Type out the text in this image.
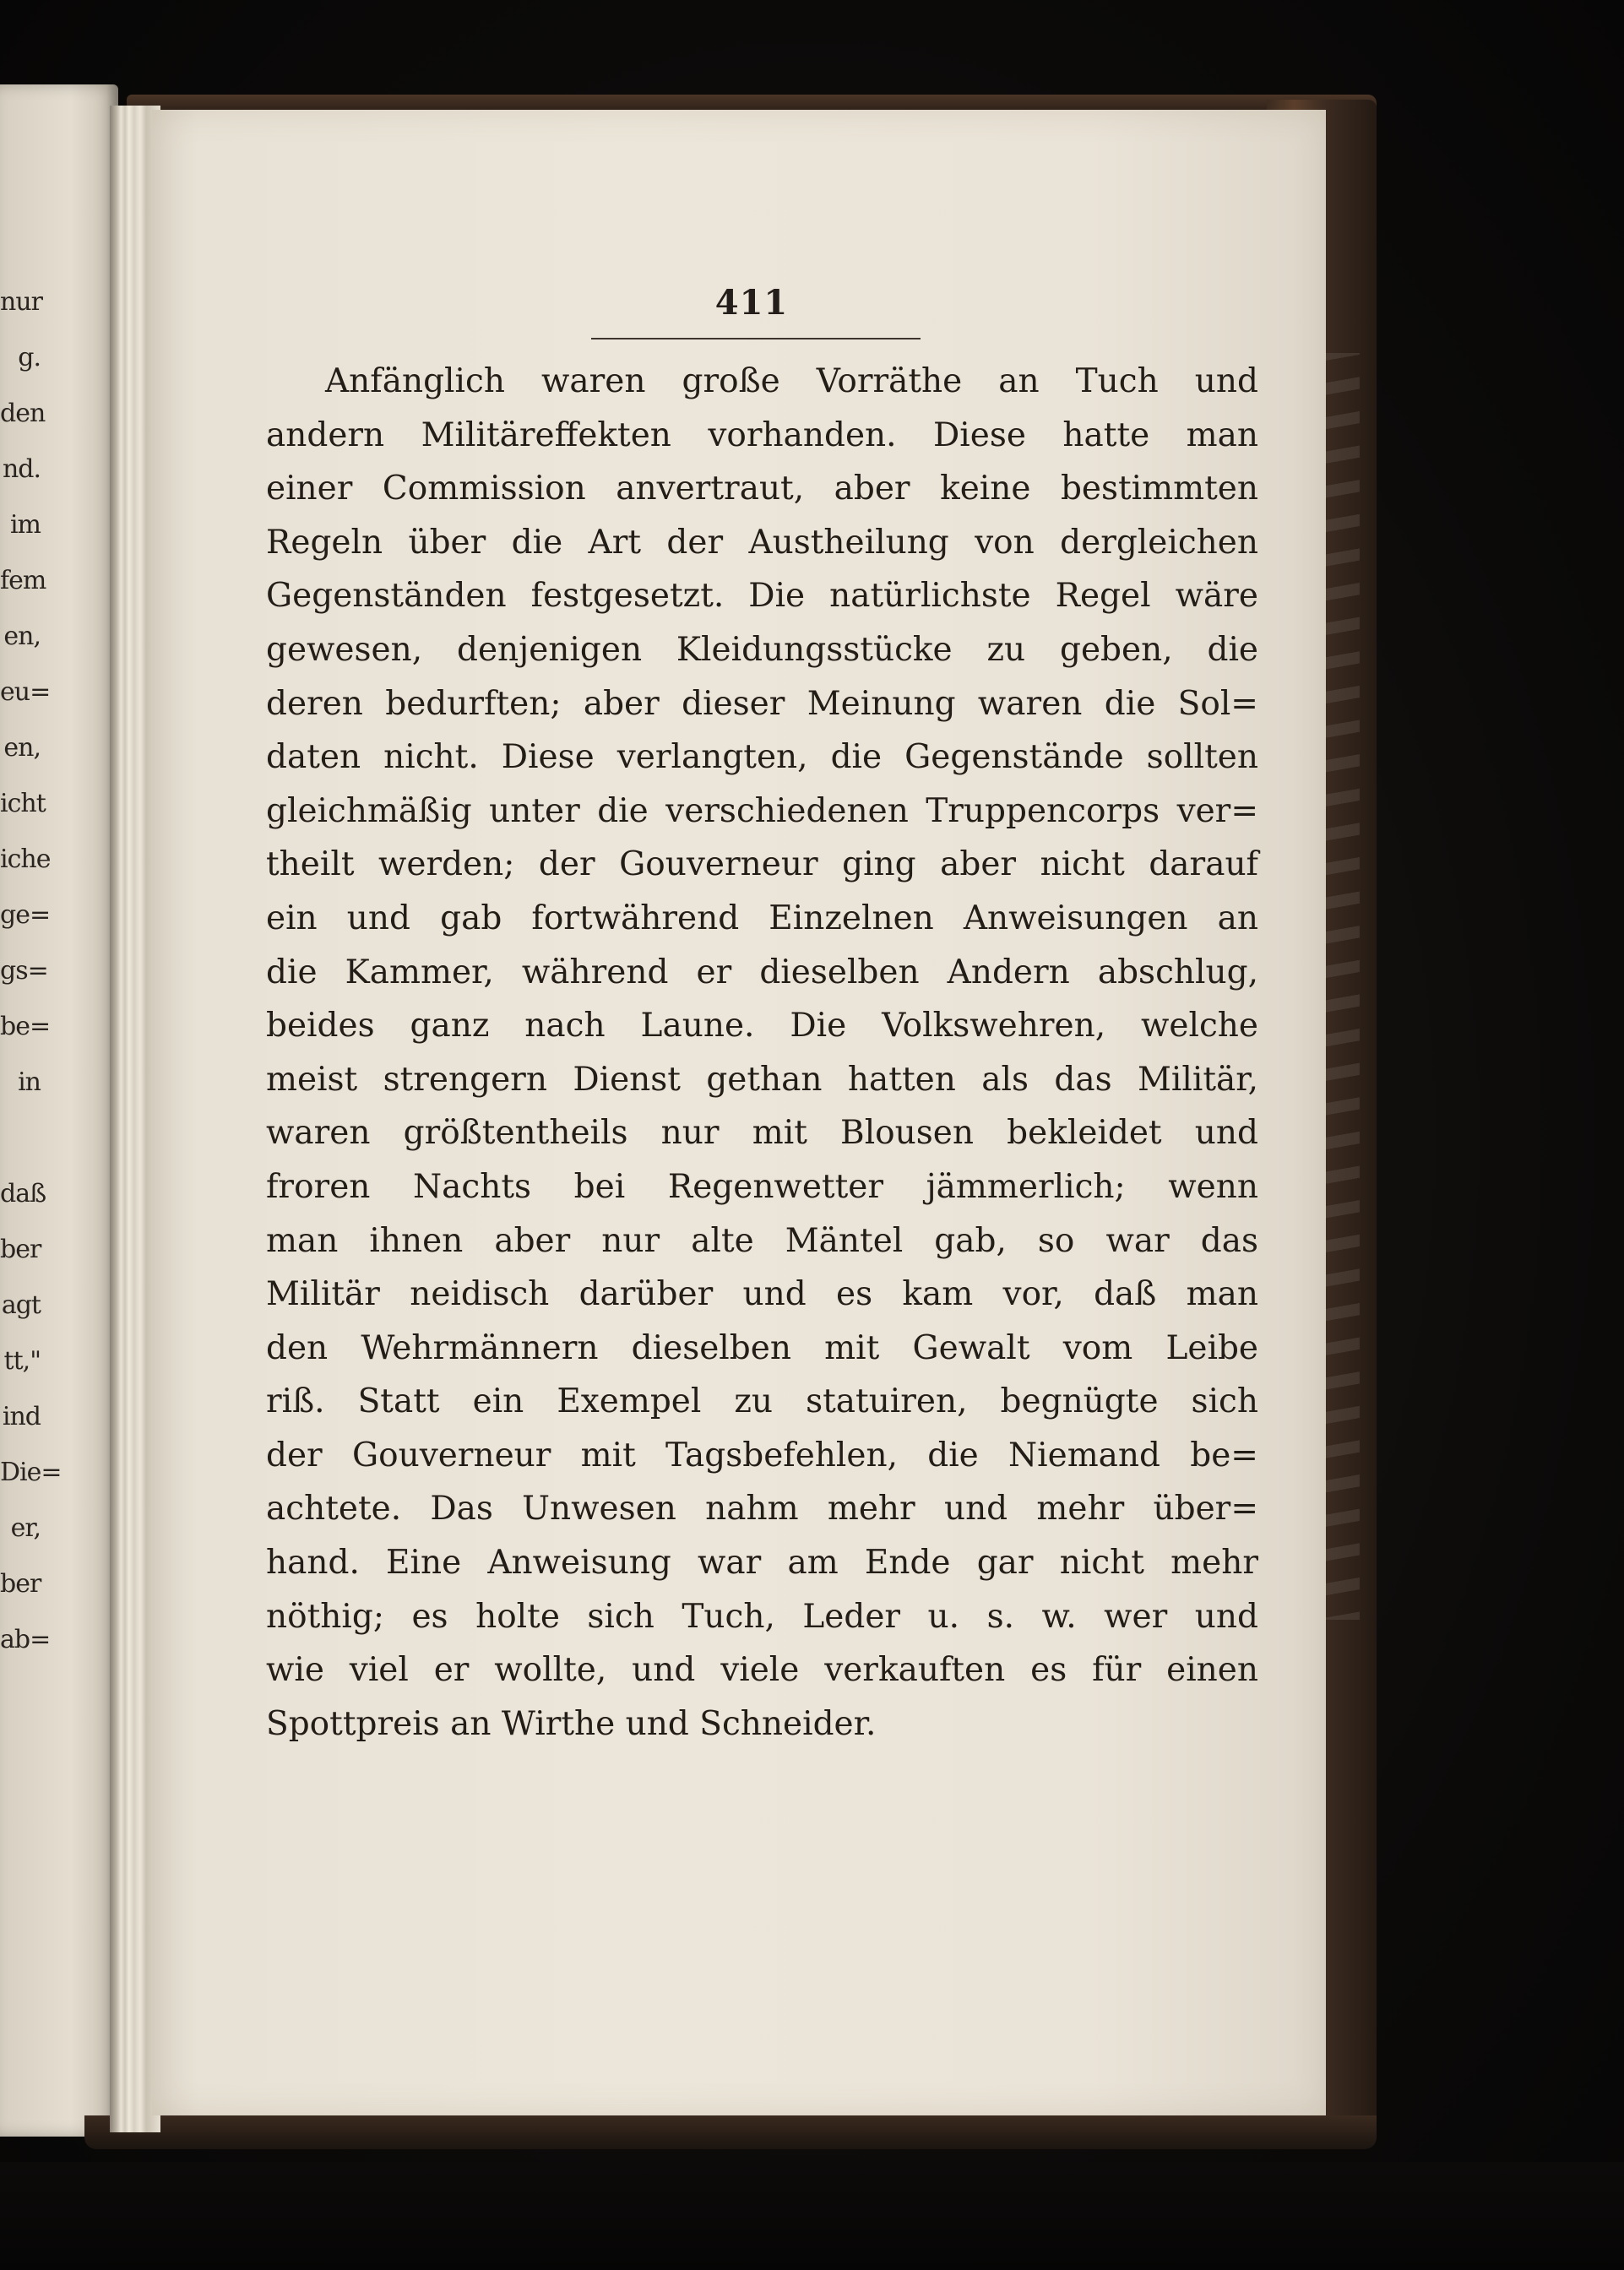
nur
g.
den
nd.
im
fem
en,
eu=
en,
icht
iche
ge=
gs=
be=
in
daß
ber
agt
tt,"
ind
Die=
er,
ber
ab=
411
Anfänglich waren große Vorräthe an Tuch und
andern Militäreffekten vorhanden. Diese hatte man
einer Commission anvertraut, aber keine bestimmten
Regeln über die Art der Austheilung von dergleichen
Gegenständen festgesetzt. Die natürlichste Regel wäre
gewesen, denjenigen Kleidungsstücke zu geben, die
deren bedurften; aber dieser Meinung waren die Sol=
daten nicht. Diese verlangten, die Gegenstände sollten
gleichmäßig unter die verschiedenen Truppencorps ver=
theilt werden; der Gouverneur ging aber nicht darauf
ein und gab fortwährend Einzelnen Anweisungen an
die Kammer, während er dieselben Andern abschlug,
beides ganz nach Laune. Die Volkswehren, welche
meist strengern Dienst gethan hatten als das Militär,
waren größtentheils nur mit Blousen bekleidet und
froren Nachts bei Regenwetter jämmerlich; wenn
man ihnen aber nur alte Mäntel gab, so war das
Militär neidisch darüber und es kam vor, daß man
den Wehrmännern dieselben mit Gewalt vom Leibe
riß. Statt ein Exempel zu statuiren, begnügte sich
der Gouverneur mit Tagsbefehlen, die Niemand be=
achtete. Das Unwesen nahm mehr und mehr über=
hand. Eine Anweisung war am Ende gar nicht mehr
nöthig; es holte sich Tuch, Leder u. s. w. wer und
wie viel er wollte, und viele verkauften es für einen
Spottpreis an Wirthe und Schneider.
